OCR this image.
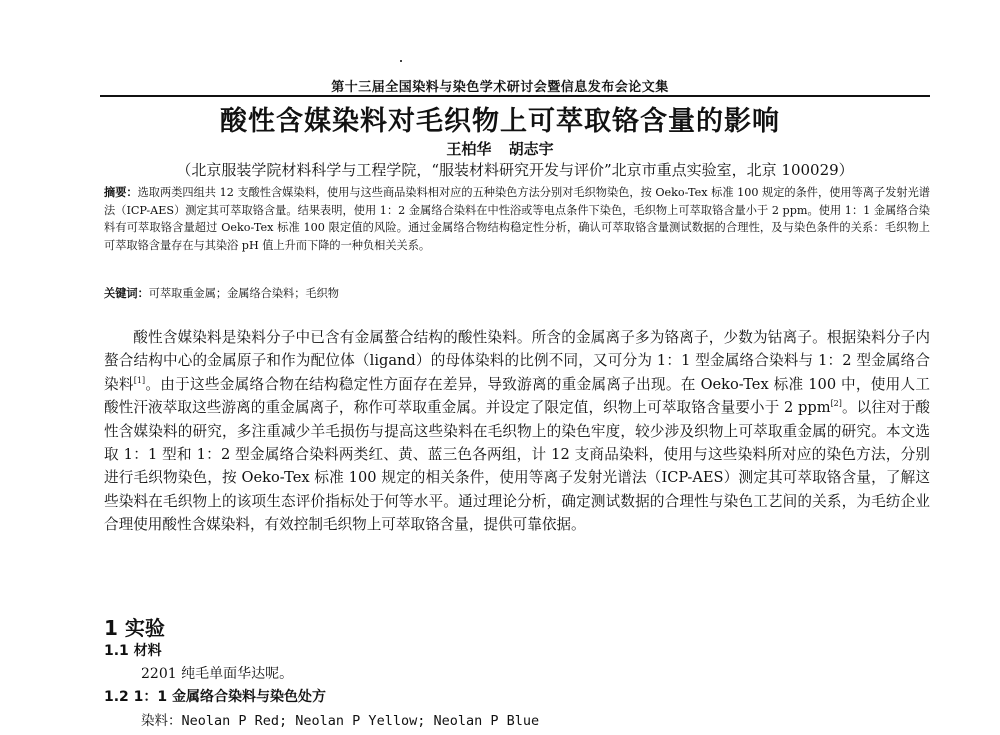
第十三届全国染料与染色学术研讨会暨信息发布会论文集
酸性含媒染料对毛织物上可萃取铬含量的影响
王柏华 胡志宇
（北京服装学院材料科学与工程学院，“服装材料研究开发与评价”北京市重点实验室，北京 100029）
摘要：选取两类四组共 12 支酸性含媒染料，使用与这些商品染料相对应的五种染色方法分别对毛织物染色，按 Oeko-Tex 标准 100 规定的条件，使用等离子发射光谱法（ICP-AES）测定其可萃取铬含量。结果表明，使用 1：2 金属络合染料在中性浴或等电点条件下染色，毛织物上可萃取铬含量小于 2 ppm。使用 1：1 金属络合染料有可萃取铬含量超过 Oeko-Tex 标准 100 限定值的风险。通过金属络合物结构稳定性分析，确认可萃取铬含量测试数据的合理性，及与染色条件的关系：毛织物上可萃取铬含量存在与其染浴 pH 值上升而下降的一种负相关关系。
关键词：可萃取重金属；金属络合染料；毛织物

酸性含媒染料是染料分子中已含有金属螯合结构的酸性染料。所含的金属离子多为铬离子，少数为钴离子。根据染料分子内螯合结构中心的金属原子和作为配位体（ligand）的母体染料的比例不同，又可分为 1：1 型金属络合染料与 1：2 型金属络合染料[1]。由于这些金属络合物在结构稳定性方面存在差异，导致游离的重金属离子出现。在 Oeko-Tex 标准 100 中，使用人工酸性汗液萃取这些游离的重金属离子，称作可萃取重金属。并设定了限定值，织物上可萃取铬含量要小于 2 ppm[2]。以往对于酸性含媒染料的研究，多注重减少羊毛损伤与提高这些染料在毛织物上的染色牢度，较少涉及织物上可萃取重金属的研究。本文选取 1：1 型和 1：2 型金属络合染料两类红、黄、蓝三色各两组，计 12 支商品染料，使用与这些染料所对应的染色方法，分别进行毛织物染色，按 Oeko-Tex 标准 100 规定的相关条件，使用等离子发射光谱法（ICP-AES）测定其可萃取铬含量，了解这些染料在毛织物上的该项生态评价指标处于何等水平。通过理论分析，确定测试数据的合理性与染色工艺间的关系，为毛纺企业合理使用酸性含媒染料，有效控制毛织物上可萃取铬含量，提供可靠依据。

1 实验
1.1 材料
2201 纯毛单面华达呢。
1.2 1：1 金属络合染料与染色处方
染料：Neolan P Red; Neolan P Yellow; Neolan P Blue
